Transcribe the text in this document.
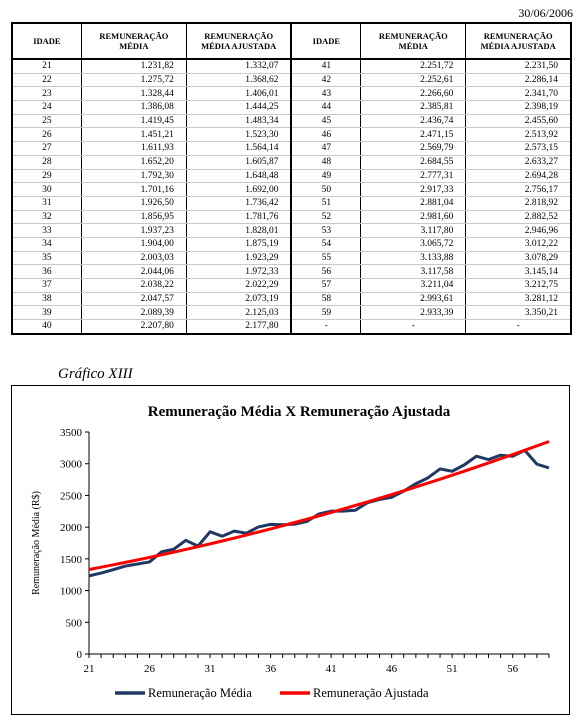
30/06/2006
IDADE	REMUNERAÇÃO MÉDIA	REMUNERAÇÃO MÉDIA AJUSTADA	IDADE	REMUNERAÇÃO MÉDIA	REMUNERAÇÃO MÉDIA AJUSTADA
21	1.231,82	1.332,07	41	2.251,72	2.231,50
22	1.275,72	1.368,62	42	2.252,61	2.286,14
23	1.328,44	1.406,01	43	2.266,60	2.341,70
24	1.386,08	1.444,25	44	2.385,81	2.398,19
25	1.419,45	1.483,34	45	2.436,74	2.455,60
26	1.451,21	1.523,30	46	2.471,15	2.513,92
27	1.611,93	1.564,14	47	2.569,79	2.573,15
28	1.652,20	1.605,87	48	2.684,55	2.633,27
29	1.792,30	1.648,48	49	2.777,31	2.694,28
30	1.701,16	1.692,00	50	2.917,33	2.756,17
31	1.926,50	1.736,42	51	2.881,04	2.818,92
32	1.856,95	1.781,76	52	2.981,60	2.882,52
33	1.937,23	1.828,01	53	3.117,80	2.946,96
34	1.904,00	1.875,19	54	3.065,72	3.012,22
35	2.003,03	1.923,29	55	3.133,88	3.078,29
36	2.044,06	1.972,33	56	3.117,58	3.145,14
37	2.038,22	2.022,29	57	3.211,04	3.212,75
38	2.047,57	2.073,19	58	2.993,61	3.281,12
39	2.089,39	2.125,03	59	2.933,39	3.350,21
40	2.207,80	2.177,80	-	-	-
Gráfico XIII
Remuneração Média X Remuneração Ajustada
0
500
1000
1500
2000
2500
3000
3500
21	26	31	36	41	46	51	56
Remuneração Média (R$)
Remuneração Média	Remuneração Ajustada
